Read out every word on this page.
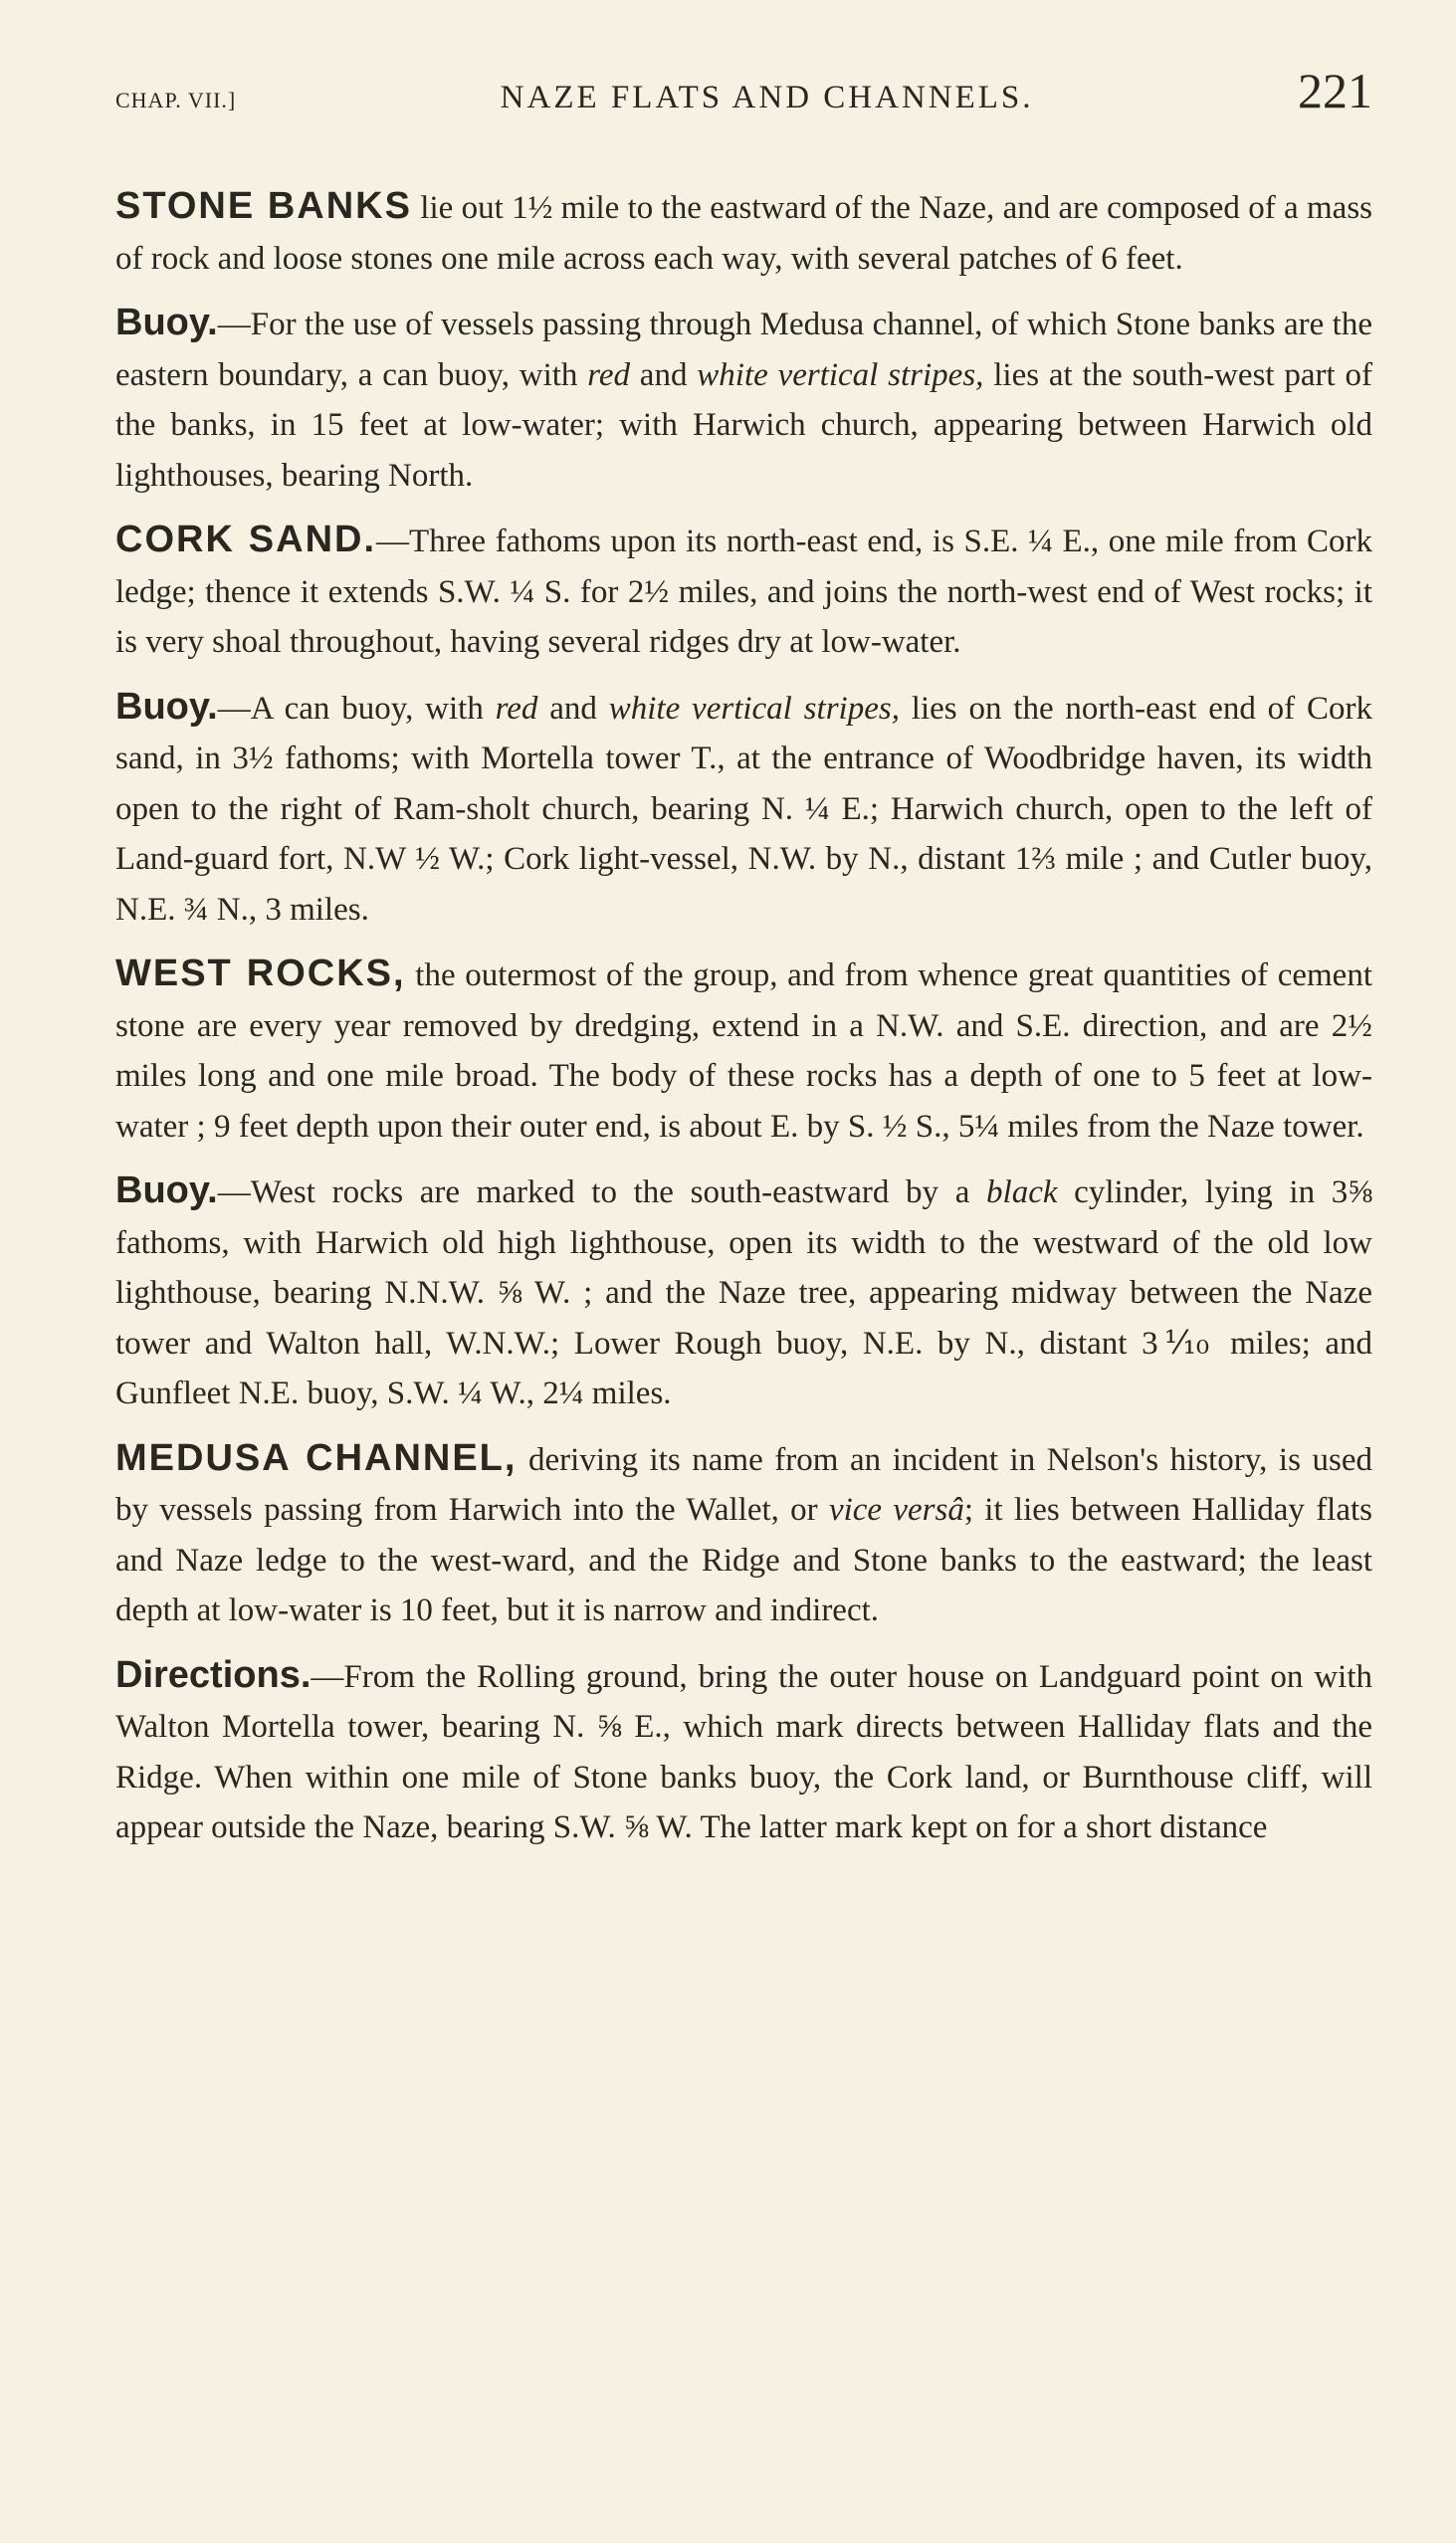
CHAP. VII.]	NAZE FLATS AND CHANNELS.	221

STONE BANKS lie out 1½ mile to the eastward of the Naze, and are composed of a mass of rock and loose stones one mile across each way, with several patches of 6 feet.

Buoy.—For the use of vessels passing through Medusa channel, of which Stone banks are the eastern boundary, a can buoy, with red and white vertical stripes, lies at the south-west part of the banks, in 15 feet at low-water; with Harwich church, appearing between Harwich old lighthouses, bearing North.

CORK SAND.—Three fathoms upon its north-east end, is S.E. ¼ E., one mile from Cork ledge; thence it extends S.W. ¼ S. for 2½ miles, and joins the north-west end of West rocks; it is very shoal throughout, having several ridges dry at low-water.

Buoy.—A can buoy, with red and white vertical stripes, lies on the north-east end of Cork sand, in 3½ fathoms; with Mortella tower T., at the entrance of Woodbridge haven, its width open to the right of Ram-sholt church, bearing N. ¼ E.; Harwich church, open to the left of Land-guard fort, N.W ½ W.; Cork light-vessel, N.W. by N., distant 1⅔ mile ; and Cutler buoy, N.E. ¾ N., 3 miles.

WEST ROCKS, the outermost of the group, and from whence great quantities of cement stone are every year removed by dredging, extend in a N.W. and S.E. direction, and are 2½ miles long and one mile broad. The body of these rocks has a depth of one to 5 feet at low-water ; 9 feet depth upon their outer end, is about E. by S. ½ S., 5¼ miles from the Naze tower.

Buoy.—West rocks are marked to the south-eastward by a black cylinder, lying in 3⅝ fathoms, with Harwich old high lighthouse, open its width to the westward of the old low lighthouse, bearing N.N.W. ⅝ W. ; and the Naze tree, appearing midway between the Naze tower and Walton hall, W.N.W.; Lower Rough buoy, N.E. by N., distant 3⅒ miles; and Gunfleet N.E. buoy, S.W. ¼ W., 2¼ miles.

MEDUSA CHANNEL, deriving its name from an incident in Nelson's history, is used by vessels passing from Harwich into the Wallet, or vice versâ; it lies between Halliday flats and Naze ledge to the west-ward, and the Ridge and Stone banks to the eastward; the least depth at low-water is 10 feet, but it is narrow and indirect.

Directions.—From the Rolling ground, bring the outer house on Landguard point on with Walton Mortella tower, bearing N. ⅝ E., which mark directs between Halliday flats and the Ridge. When within one mile of Stone banks buoy, the Cork land, or Burnthouse cliff, will appear outside the Naze, bearing S.W. ⅝ W. The latter mark kept on for a short distance
